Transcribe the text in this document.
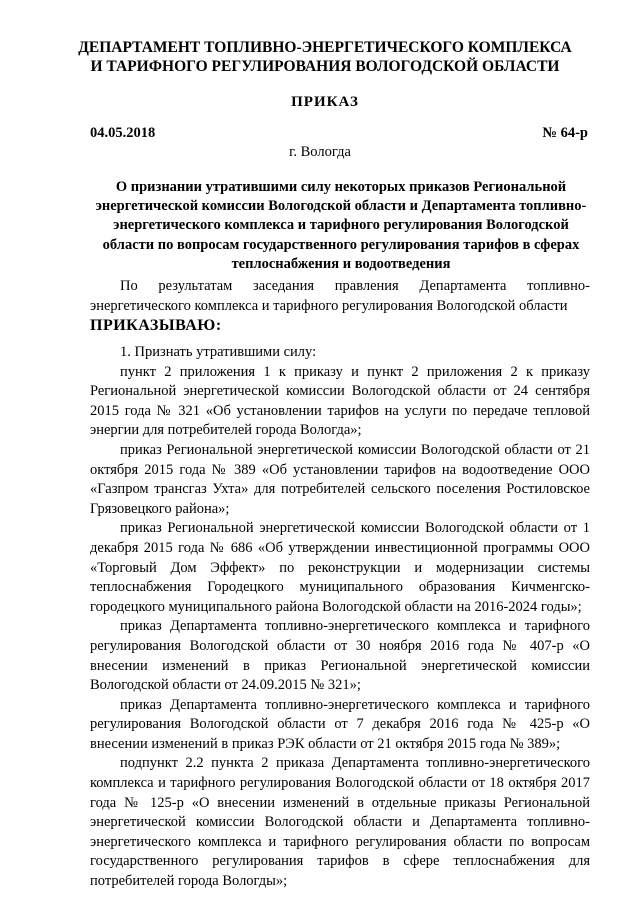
ДЕПАРТАМЕНТ ТОПЛИВНО-ЭНЕРГЕТИЧЕСКОГО КОМПЛЕКСА
И ТАРИФНОГО РЕГУЛИРОВАНИЯ ВОЛОГОДСКОЙ ОБЛАСТИ
ПРИКАЗ
04.05.2018	№ 64-р
г. Вологда
О признании утратившими силу некоторых приказов Региональной энергетической комиссии Вологодской области и Департамента топливно-энергетического комплекса и тарифного регулирования Вологодской области по вопросам государственного регулирования тарифов в сферах теплоснабжения и водоотведения

По результатам заседания правления Департамента топливно-энергетического комплекса и тарифного регулирования Вологодской области

ПРИКАЗЫВАЮ:

1. Признать утратившими силу:

пункт 2 приложения 1 к приказу и пункт 2 приложения 2 к приказу Региональной энергетической комиссии Вологодской области от 24 сентября 2015 года № 321 «Об установлении тарифов на услуги по передаче тепловой энергии для потребителей города Вологда»;

приказ Региональной энергетической комиссии Вологодской области от 21 октября 2015 года № 389 «Об установлении тарифов на водоотведение ООО «Газпром трансгаз Ухта» для потребителей сельского поселения Ростиловское Грязовецкого района»;

приказ Региональной энергетической комиссии Вологодской области от 1 декабря 2015 года № 686 «Об утверждении инвестиционной программы ООО «Торговый Дом Эффект» по реконструкции и модернизации системы теплоснабжения Городецкого муниципального образования Кичменгско-городецкого муниципального района Вологодской области на 2016-2024 годы»;

приказ Департамента топливно-энергетического комплекса и тарифного регулирования Вологодской области от 30 ноября 2016 года № 407-р «О внесении изменений в приказ Региональной энергетической комиссии Вологодской области от 24.09.2015 № 321»;

приказ Департамента топливно-энергетического комплекса и тарифного регулирования Вологодской области от 7 декабря 2016 года № 425-р «О внесении изменений в приказ РЭК области от 21 октября 2015 года № 389»;

подпункт 2.2 пункта 2 приказа Департамента топливно-энергетического комплекса и тарифного регулирования Вологодской области от 18 октября 2017 года № 125-р «О внесении изменений в отдельные приказы Региональной энергетической комиссии Вологодской области и Департамента топливно-энергетического комплекса и тарифного регулирования области по вопросам государственного регулирования тарифов в сфере теплоснабжения для потребителей города Вологды»;
